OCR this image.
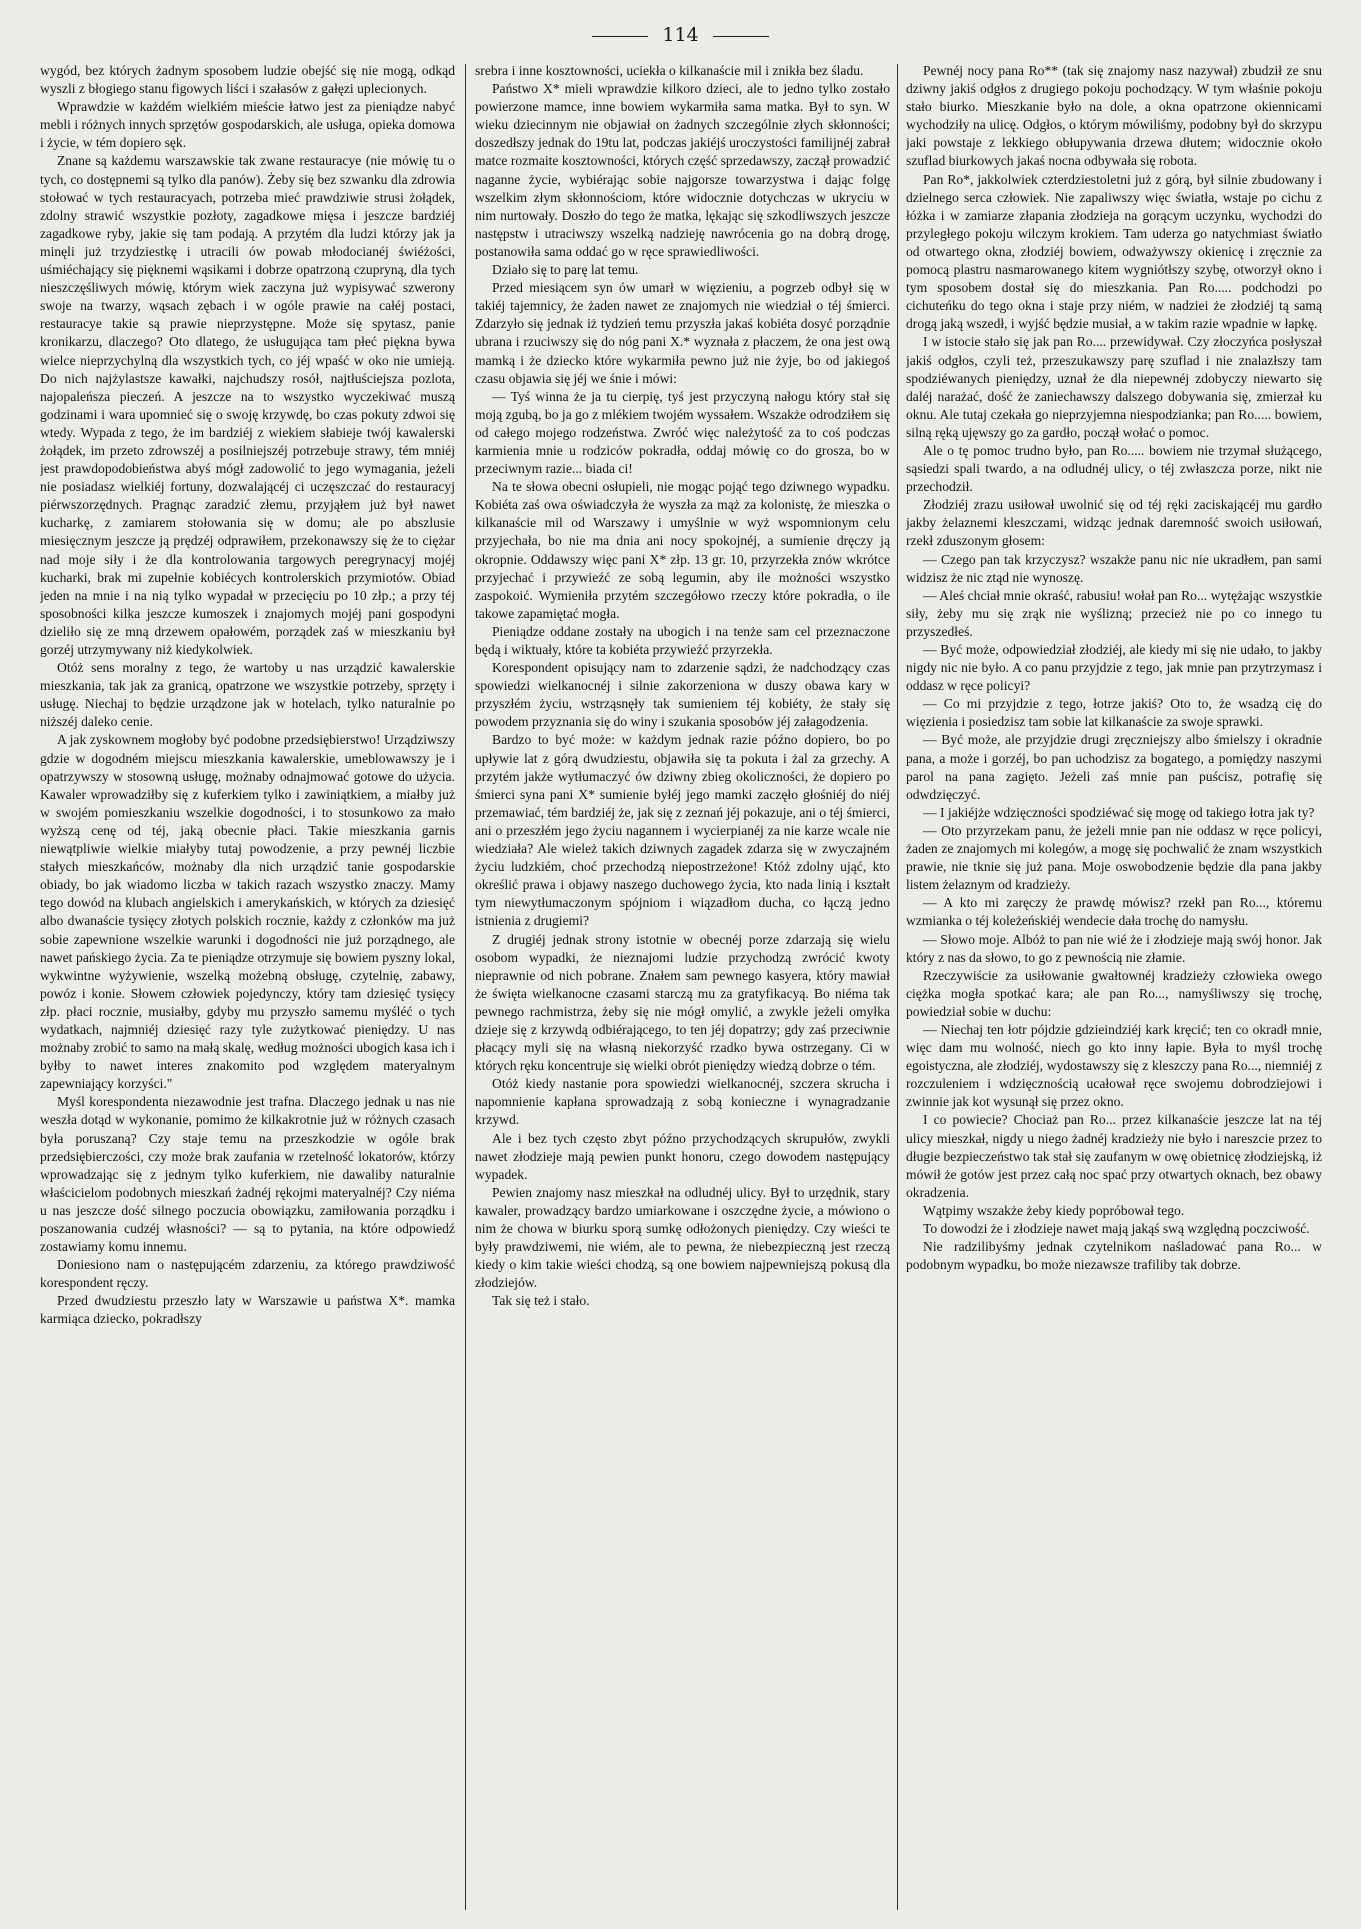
114

wygód, bez których żadnym sposobem ludzie obejść się nie mogą, odkąd wyszli z błogiego stanu figowych liści i szałasów z gałęzi uplecionych.

Wprawdzie w każdém wielkiém mieście łatwo jest za pieniądze nabyć mebli i różnych innych sprzętów gospodarskich, ale usługa, opieka domowa i życie, w tém dopiero sęk.

Znane są każdemu warszawskie tak zwane restauracye (nie mówię tu o tych, co dostępnemi są tylko dla panów). Żeby się bez szwanku dla zdrowia stołować w tych restauracyach, potrzeba mieć prawdziwie strusi żołądek, zdolny strawić wszystkie pozłoty, zagadkowe mięsa i jeszcze bardziéj zagadkowe ryby, jakie się tam podają. A przytém dla ludzi którzy jak ja minęli już trzydziestkę i utracili ów powab młodocianéj świéżości, uśmiéchający się pięknemi wąsikami i dobrze opatrzoną czupryną, dla tych nieszczęśliwych mówię, którym wiek zaczyna już wypisywać szwerony swoje na twarzy, wąsach zębach i w ogóle prawie na całéj postaci, restauracye takie są prawie nieprzystępne. Może się spytasz, panie kronikarzu, dlaczego? Oto dlatego, że usługująca tam płeć piękna bywa wielce nieprzychylną dla wszystkich tych, co jéj wpaść w oko nie umieją. Do nich najżylastsze kawałki, najchudszy rosół, najtłuściejsza pozlota, najopaleńsza pieczeń. A jeszcze na to wszystko wyczekiwać muszą godzinami i wara upomnieć się o swoję krzywdę, bo czas pokuty zdwoi się wtedy. Wypada z tego, że im bardziéj z wiekiem słabieje twój kawalerski żołądek, im przeto zdrowszéj a posilniejszéj potrzebuje strawy, tém mniéj jest prawdopodobieństwa abyś mógł zadowolić to jego wymagania, jeżeli nie posiadasz wielkiéj fortuny, dozwalającéj ci uczęszczać do restauracyj piérwszorzędnych. Pragnąc zaradzić złemu, przyjąłem już był nawet kucharkę, z zamiarem stołowania się w domu; ale po abszlusie miesięcznym jeszcze ją prędzéj odprawiłem, przekonawszy się że to ciężar nad moje siły i że dla kontrolowania targowych peregrynacyj mojéj kucharki, brak mi zupełnie kobiécych kontrolerskich przymiotów. Obiad jeden na mnie i na nią tylko wypadał w przecięciu po 10 złp.; a przy téj sposobności kilka jeszcze kumoszek i znajomych mojéj pani gospodyni dzieliło się ze mną drzewem opałowém, porządek zaś w mieszkaniu był gorzéj utrzymywany niż kiedykolwiek.

Otóż sens moralny z tego, że wartoby u nas urządzić kawalerskie mieszkania, tak jak za granicą, opatrzone we wszystkie potrzeby, sprzęty i usługę. Niechaj to będzie urządzone jak w hotelach, tylko naturalnie po niższéj daleko cenie.

A jak zyskownem mogłoby być podobne przedsiębierstwo! Urządziwszy gdzie w dogodném miejscu mieszkania kawalerskie, umeblowawszy je i opatrzywszy w stosowną usługę, możnaby odnajmować gotowe do użycia. Kawaler wprowadziłby się z kuferkiem tylko i zawiniątkiem, a miałby już w swojém pomieszkaniu wszelkie dogodności, i to stosunkowo za mało wyższą cenę od téj, jaką obecnie płaci. Takie mieszkania garnis niewątpliwie wielkie miałyby tutaj powodzenie, a przy pewnéj liczbie stałych mieszkańców, możnaby dla nich urządzić tanie gospodarskie obiady, bo jak wiadomo liczba w takich razach wszystko znaczy. Mamy tego dowód na klubach angielskich i amerykańskich, w których za dziesięć albo dwanaście tysięcy złotych polskich rocznie, każdy z członków ma już sobie zapewnione wszelkie warunki i dogodności nie już porządnego, ale nawet pańskiego życia. Za te pieniądze otrzymuje się bowiem pyszny lokal, wykwintne wyżywienie, wszelką możebną obsługę, czytelnię, zabawy, powóz i konie. Słowem człowiek pojedynczy, który tam dziesięć tysięcy złp. płaci rocznie, musiałby, gdyby mu przyszło samemu myśléć o tych wydatkach, najmniéj dziesięć razy tyle zużytkować pieniędzy. U nas możnaby zrobić to samo na małą skalę, według możności ubogich kasa ich i byłby to nawet interes znakomito pod względem materyalnym zapewniający korzyści."

Myśl korespondenta niezawodnie jest trafna. Dlaczego jednak u nas nie weszła dotąd w wykonanie, pomimo że kilkakrotnie już w różnych czasach była poruszaną? Czy staje temu na przeszkodzie w ogóle brak przedsiębierczości, czy może brak zaufania w rzetelność lokatorów, którzy wprowadzając się z jednym tylko kuferkiem, nie dawaliby naturalnie właścicielom podobnych mieszkań żadnéj rękojmi materyalnéj? Czy niéma u nas jeszcze dość silnego poczucia obowiązku, zamiłowania porządku i poszanowania cudzéj własności? — są to pytania, na które odpowiedź zostawiamy komu innemu.

Doniesiono nam o następującém zdarzeniu, za którego prawdziwość korespondent ręczy.

Przed dwudziestu przeszło laty w Warszawie u państwa X*. mamka karmiąca dziecko, pokradłszy

srebra i inne kosztowności, uciekła o kilkanaście mil i znikła bez śladu.

Państwo X* mieli wprawdzie kilkoro dzieci, ale to jedno tylko zostało powierzone mamce, inne bowiem wykarmiła sama matka. Był to syn. W wieku dziecinnym nie objawiał on żadnych szczególnie złych skłonności; doszedłszy jednak do 19tu lat, podczas jakiéjś uroczystości familijnéj zabrał matce rozmaite kosztowności, których część sprzedawszy, zaczął prowadzić naganne życie, wybiérając sobie najgorsze towarzystwa i dając folgę wszelkim złym skłonnościom, które widocznie dotychczas w ukryciu w nim nurtowały. Doszło do tego że matka, lękając się szkodliwszych jeszcze następstw i utraciwszy wszelką nadzieję nawrócenia go na dobrą drogę, postanowiła sama oddać go w ręce sprawiedliwości.

Działo się to parę lat temu.

Przed miesiącem syn ów umarł w więzieniu, a pogrzeb odbył się w takiéj tajemnicy, że żaden nawet ze znajomych nie wiedział o téj śmierci. Zdarzyło się jednak iż tydzień temu przyszła jakaś kobiéta dosyć porządnie ubrana i rzuciwszy się do nóg pani X.* wyznała z płaczem, że ona jest ową mamką i że dziecko które wykarmiła pewno już nie żyje, bo od jakiegoś czasu objawia się jéj we śnie i mówi:

— Tyś winna że ja tu cierpię, tyś jest przyczyną nałogu który stał się moją zgubą, bo ja go z mlékiem twojém wyssałem. Wszakże odrodziłem się od całego mojego rodzeństwa. Zwróć więc należytość za to coś podczas karmienia mnie u rodziców pokradła, oddaj mówię co do grosza, bo w przeciwnym razie... biada ci!

Na te słowa obecni osłupieli, nie mogąc pojąć tego dziwnego wypadku. Kobiéta zaś owa oświadczyła że wyszła za mąż za kolonistę, że mieszka o kilkanaście mil od Warszawy i umyślnie w wyż wspomnionym celu przyjechała, bo nie ma dnia ani nocy spokojnéj, a sumienie dręczy ją okropnie. Oddawszy więc pani X* złp. 13 gr. 10, przyrzekła znów wkrótce przyjechać i przywieźć ze sobą legumin, aby ile możności wszystko zaspokoić. Wymieniła przytém szczegółowo rzeczy które pokradła, o ile takowe zapamiętać mogła.

Pieniądze oddane zostały na ubogich i na tenże sam cel przeznaczone będą i wiktuały, które ta kobiéta przywieźć przyrzekła.

Korespondent opisujący nam to zdarzenie sądzi, że nadchodzący czas spowiedzi wielkanocnéj i silnie zakorzeniona w duszy obawa kary w przyszłém życiu, wstrząsnęły tak sumieniem téj kobiéty, że stały się powodem przyznania się do winy i szukania sposobów jéj załagodzenia.

Bardzo to być może: w każdym jednak razie późno dopiero, bo po upływie lat z górą dwudziestu, objawiła się ta pokuta i żal za grzechy. A przytém jakże wytłumaczyć ów dziwny zbieg okoliczności, że dopiero po śmierci syna pani X* sumienie byłéj jego mamki zaczęło głośniéj do niéj przemawiać, tém bardziéj że, jak się z zeznań jéj pokazuje, ani o téj śmierci, ani o przeszłém jego życiu nagannem i wycierpianéj za nie karze wcale nie wiedziała? Ale wieleż takich dziwnych zagadek zdarza się w zwyczajném życiu ludzkiém, choć przechodzą niepostrzeżone! Któż zdolny ująć, kto określić prawa i objawy naszego duchowego życia, kto nada linią i kształt tym niewytłumaczonym spójniom i wiązadłom ducha, co łączą jedno istnienia z drugiemi?

Z drugiéj jednak strony istotnie w obecnéj porze zdarzają się wielu osobom wypadki, że nieznajomi ludzie przychodzą zwrócić kwoty nieprawnie od nich pobrane. Znałem sam pewnego kasyera, który mawiał że święta wielkanocne czasami starczą mu za gratyfikacyą. Bo niéma tak pewnego rachmistrza, żeby się nie mógł omylić, a zwykle jeżeli omyłka dzieje się z krzywdą odbiérającego, to ten jéj dopatrzy; gdy zaś przeciwnie płacący myli się na własną niekorzyść rzadko bywa ostrzegany. Ci w których ręku koncentruje się wielki obrót pieniędzy wiedzą dobrze o tém.

Otóż kiedy nastanie pora spowiedzi wielkanocnéj, szczera skrucha i napomnienie kapłana sprowadzają z sobą konieczne i wynagradzanie krzywd.

Ale i bez tych często zbyt późno przychodzących skrupułów, zwykli nawet złodzieje mają pewien punkt honoru, czego dowodem następujący wypadek.

Pewien znajomy nasz mieszkał na odludnéj ulicy. Był to urzędnik, stary kawaler, prowadzący bardzo umiarkowane i oszczędne życie, a mówiono o nim że chowa w biurku sporą sumkę odłożonych pieniędzy. Czy wieści te były prawdziwemi, nie wiém, ale to pewna, że niebezpieczną jest rzeczą kiedy o kim takie wieści chodzą, są one bowiem najpewniejszą pokusą dla złodziejów.

Tak się też i stało.

Pewnéj nocy pana Ro** (tak się znajomy nasz nazywał) zbudził ze snu dziwny jakiś odgłos z drugiego pokoju pochodzący. W tym właśnie pokoju stało biurko. Mieszkanie było na dole, a okna opatrzone okiennicami wychodziły na ulicę. Odgłos, o którym mówiliśmy, podobny był do skrzypu jaki powstaje z lekkiego obłupywania drzewa dłutem; widocznie około szuflad biurkowych jakaś nocna odbywała się robota.

Pan Ro*, jakkolwiek czterdziestoletni już z górą, był silnie zbudowany i dzielnego serca człowiek. Nie zapaliwszy więc światła, wstaje po cichu z łóżka i w zamiarze złapania złodzieja na gorącym uczynku, wychodzi do przyległego pokoju wilczym krokiem. Tam uderza go natychmiast światło od otwartego okna, złodziéj bowiem, odważywszy okienicę i zręcznie za pomocą plastru nasmarowanego kitem wygniótłszy szybę, otworzył okno i tym sposobem dostał się do mieszkania. Pan Ro..... podchodzi po cichuteńku do tego okna i staje przy niém, w nadziei że złodziéj tą samą drogą jaką wszedł, i wyjść będzie musiał, a w takim razie wpadnie w łapkę.

I w istocie stało się jak pan Ro.... przewidywał. Czy złoczyńca posłyszał jakiś odgłos, czyli też, przeszukawszy parę szuflad i nie znalazłszy tam spodziéwanych pieniędzy, uznał że dla niepewnéj zdobyczy niewarto się daléj narażać, dość że zaniechawszy dalszego dobywania się, zmierzał ku oknu. Ale tutaj czekała go nieprzyjemna niespodzianka; pan Ro..... bowiem, silną ręką ujęwszy go za gardło, począł wołać o pomoc.

Ale o tę pomoc trudno było, pan Ro..... bowiem nie trzymał służącego, sąsiedzi spali twardo, a na odludnéj ulicy, o téj zwłaszcza porze, nikt nie przechodził.

Złodziéj zrazu usiłował uwolnić się od téj ręki zaciskającéj mu gardło jakby żelaznemi kleszczami, widząc jednak daremność swoich usiłowań, rzekł zduszonym głosem:

— Czego pan tak krzyczysz? wszakże panu nic nie ukradłem, pan sami widzisz że nic ztąd nie wynoszę.

— Aleś chciał mnie okraść, rabusiu! wołał pan Ro... wytężając wszystkie siły, żeby mu się zrąk nie wyślizną; przecież nie po co innego tu przyszedłeś.

— Być może, odpowiedział złodziéj, ale kiedy mi się nie udało, to jakby nigdy nic nie było. A co panu przyjdzie z tego, jak mnie pan przytrzymasz i oddasz w ręce policyi?

— Co mi przyjdzie z tego, łotrze jakiś? Oto to, że wsadzą cię do więzienia i posiedzisz tam sobie lat kilkanaście za swoje sprawki.

— Być może, ale przyjdzie drugi zręczniejszy albo śmielszy i okradnie pana, a może i gorzéj, bo pan uchodzisz za bogatego, a pomiędzy naszymi parol na pana zagięto. Jeżeli zaś mnie pan puścisz, potrafię się odwdzięczyć.

— I jakiéjże wdzięczności spodziéwać się mogę od takiego łotra jak ty?

— Oto przyrzekam panu, że jeżeli mnie pan nie oddasz w ręce policyi, żaden ze znajomych mi kolegów, a mogę się pochwalić że znam wszystkich prawie, nie tknie się już pana. Moje oswobodzenie będzie dla pana jakby listem żelaznym od kradzieży.

— A kto mi zaręczy że prawdę mówisz? rzekł pan Ro..., któremu wzmianka o téj koleżeńskiéj wendecie dała trochę do namysłu.

— Słowo moje. Albóż to pan nie wié że i złodzieje mają swój honor. Jak który z nas da słowo, to go z pewnością nie złamie.

Rzeczywiście za usiłowanie gwałtownéj kradzieży człowieka owego ciężka mogła spotkać kara; ale pan Ro..., namyśliwszy się trochę, powiedział sobie w duchu:

— Niechaj ten łotr pójdzie gdzieindziéj kark kręcić; ten co okradł mnie, więc dam mu wolność, niech go kto inny łapie. Była to myśl trochę egoistyczna, ale złodziéj, wydostawszy się z kleszczy pana Ro..., niemniéj z rozczuleniem i wdzięcznością ucałował ręce swojemu dobrodziejowi i zwinnie jak kot wysunął się przez okno.

I co powiecie? Chociaż pan Ro... przez kilkanaście jeszcze lat na téj ulicy mieszkał, nigdy u niego żadnéj kradzieży nie było i nareszcie przez to długie bezpieczeństwo tak stał się zaufanym w owę obietnicę złodziejską, iż mówił że gotów jest przez całą noc spać przy otwartych oknach, bez obawy okradzenia.

Wątpimy wszakże żeby kiedy popróbował tego.

To dowodzi że i złodzieje nawet mają jakąś swą względną poczciwość.

Nie radzilibyśmy jednak czytelnikom naśladować pana Ro... w podobnym wypadku, bo może niezawsze trafiliby tak dobrze.
